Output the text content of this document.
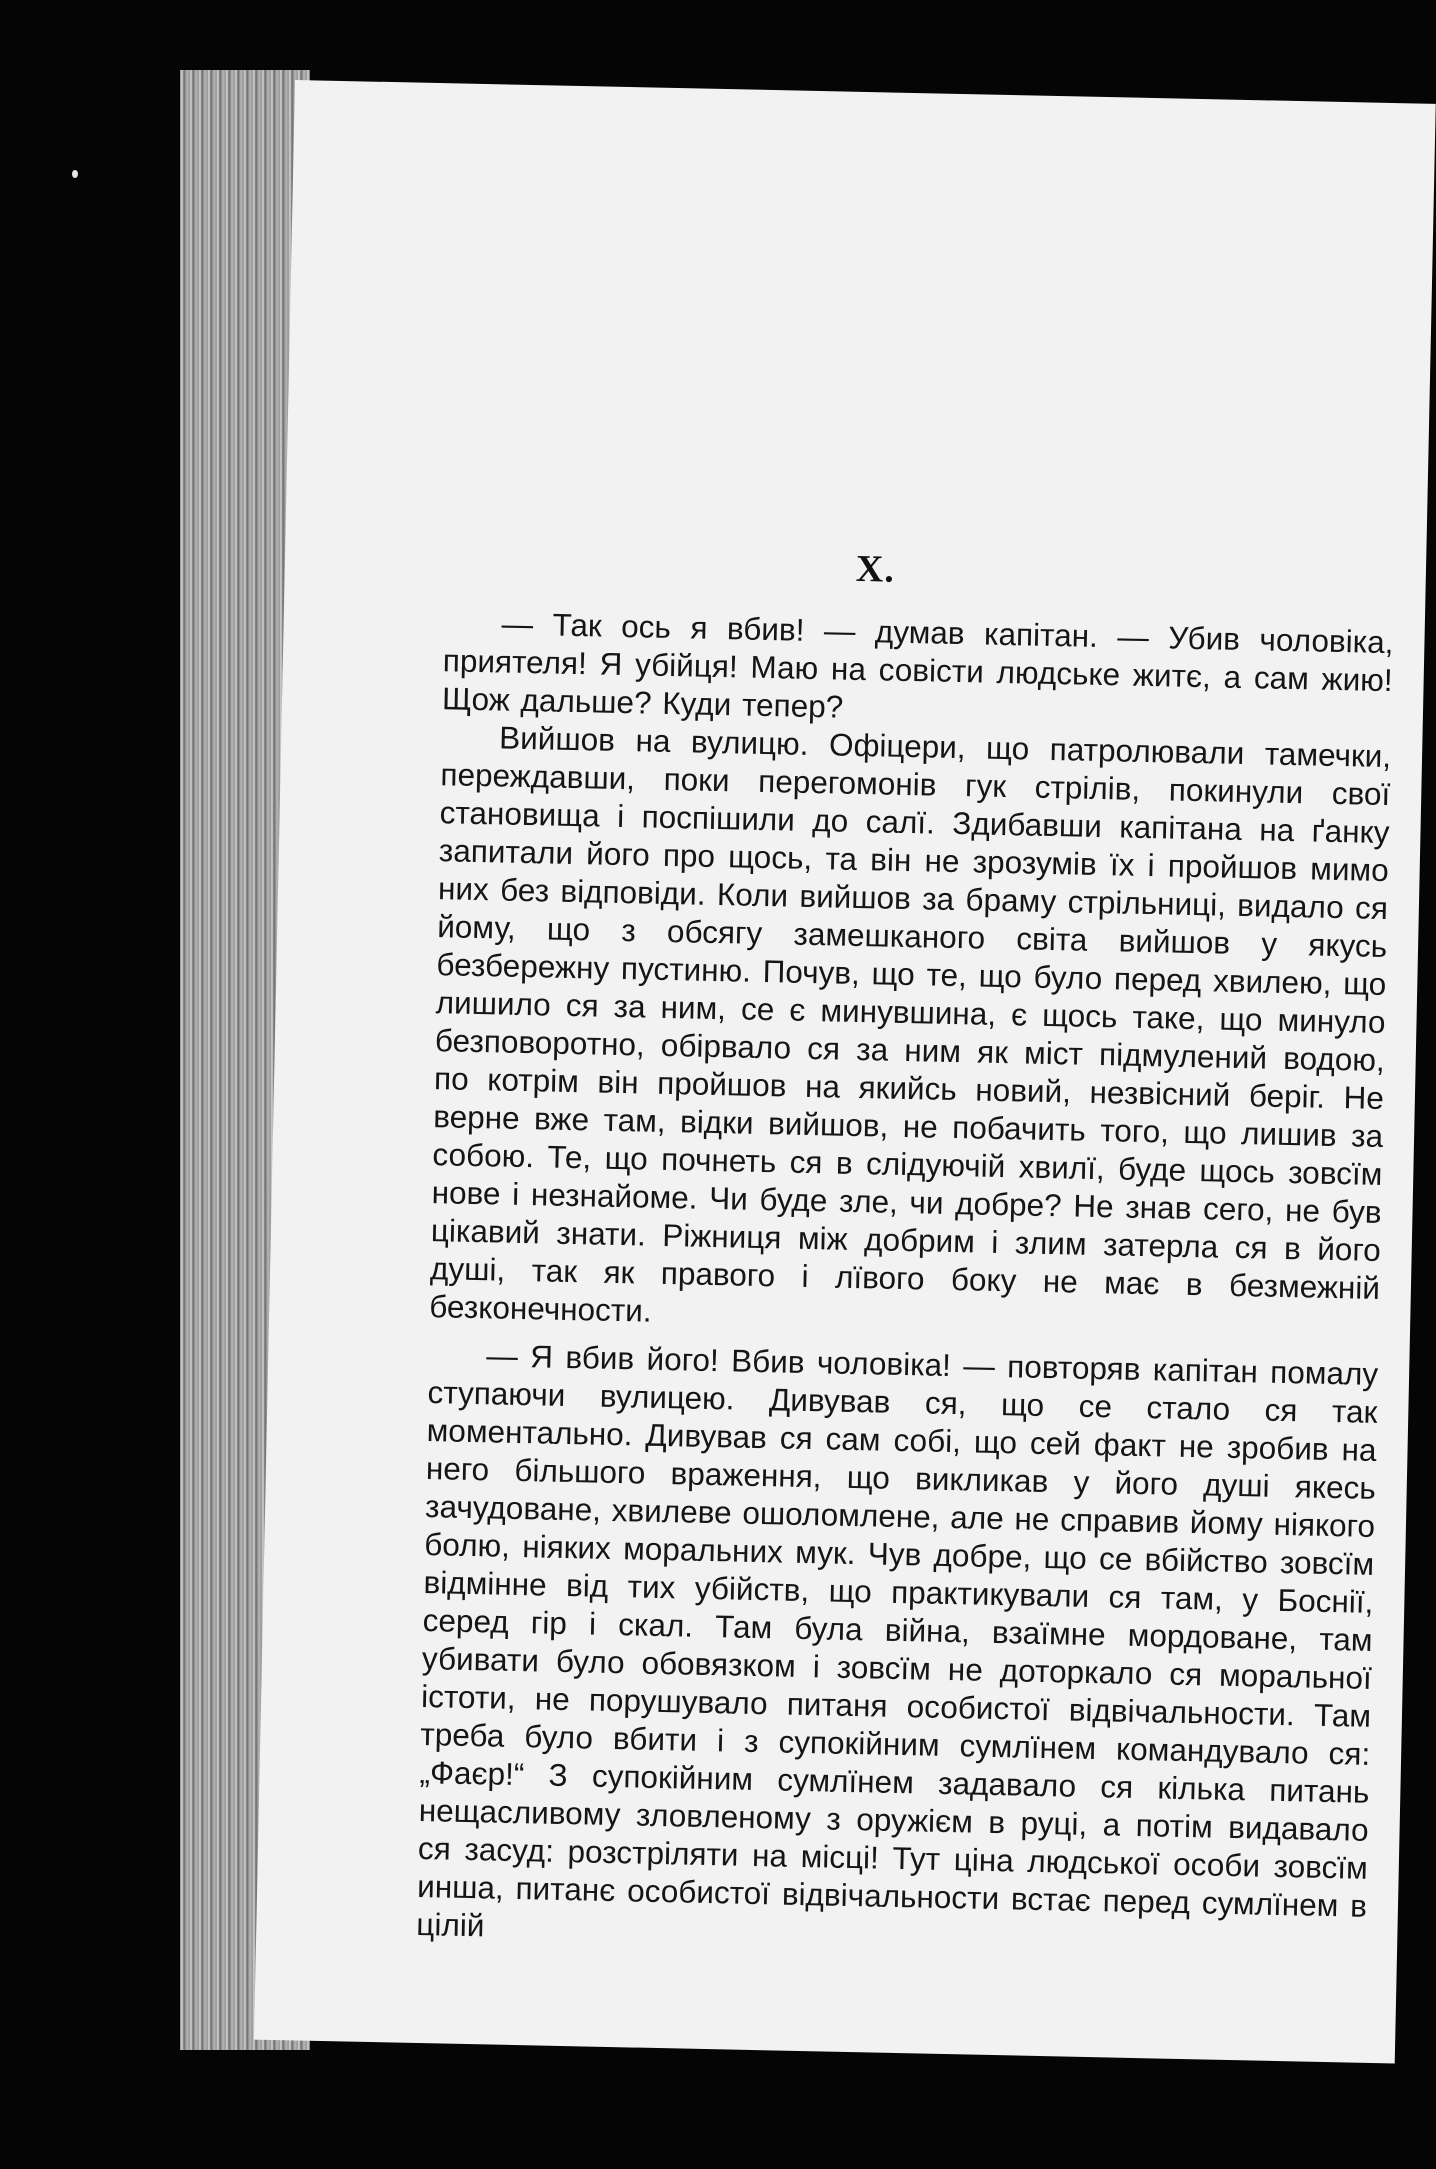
X.

— Так ось я вбив! — думав капітан. — Убив чоловіка, приятеля! Я убійця! Маю на совісти людське житє, а сам жию! Щож дальше? Куди тепер?

Вийшов на вулицю. Офіцери, що патролювали тамечки, переждавши, поки перегомонів гук стрілів, покинули свої становища і поспішили до салї. Здибавши капітана на ґанку запитали його про щось, та він не зрозумів їх і пройшов мимо них без відповіди. Коли вийшов за браму стрільниці, видало ся йому, що з обсягу замешканого світа вийшов у якусь безбережну пустиню. Почув, що те, що було перед хвилею, що лишило ся за ним, се є минувшина, є щось таке, що минуло безповоротно, обірвало ся за ним як міст підмулений водою, по котрім він пройшов на якийсь новий, незвісний беріг. Не верне вже там, відки вийшов, не побачить того, що лишив за собою. Те, що почнеть ся в слідуючій хвилї, буде щось зовсїм нове і незнайоме. Чи буде зле, чи добре? Не знав сего, не був цікавий знати. Ріжниця між добрим і злим затерла ся в його душі, так як правого і лївого боку не має в безмежній безконечности.

— Я вбив його! Вбив чоловіка! — повторяв капітан помалу ступаючи вулицею. Дивував ся, що се стало ся так моментально. Дивував ся сам собі, що сей факт не зробив на него більшого враження, що викликав у його душі якесь зачудоване, хвилеве ошоломлене, але не справив йому ніякого болю, ніяких моральних мук. Чув добре, що се вбійство зовсїм відмінне від тих убійств, що практикували ся там, у Боснії, серед гір і скал. Там була війна, взаїмне мордоване, там убивати було обовязком і зовсїм не доторкало ся моральної істоти, не порушувало питаня особистої відвічальности. Там треба було вбити і з супокійним сумлїнем командувало ся: „Фаєр!“ З супокійним сумлїнем задавало ся кілька питань нещасливому зловленому з оружієм в руці, а потім видавало ся засуд: розстріляти на місці! Тут ціна людської особи зовсїм инша, питанє особистої відвічальности встає перед сумлїнем в цілій
